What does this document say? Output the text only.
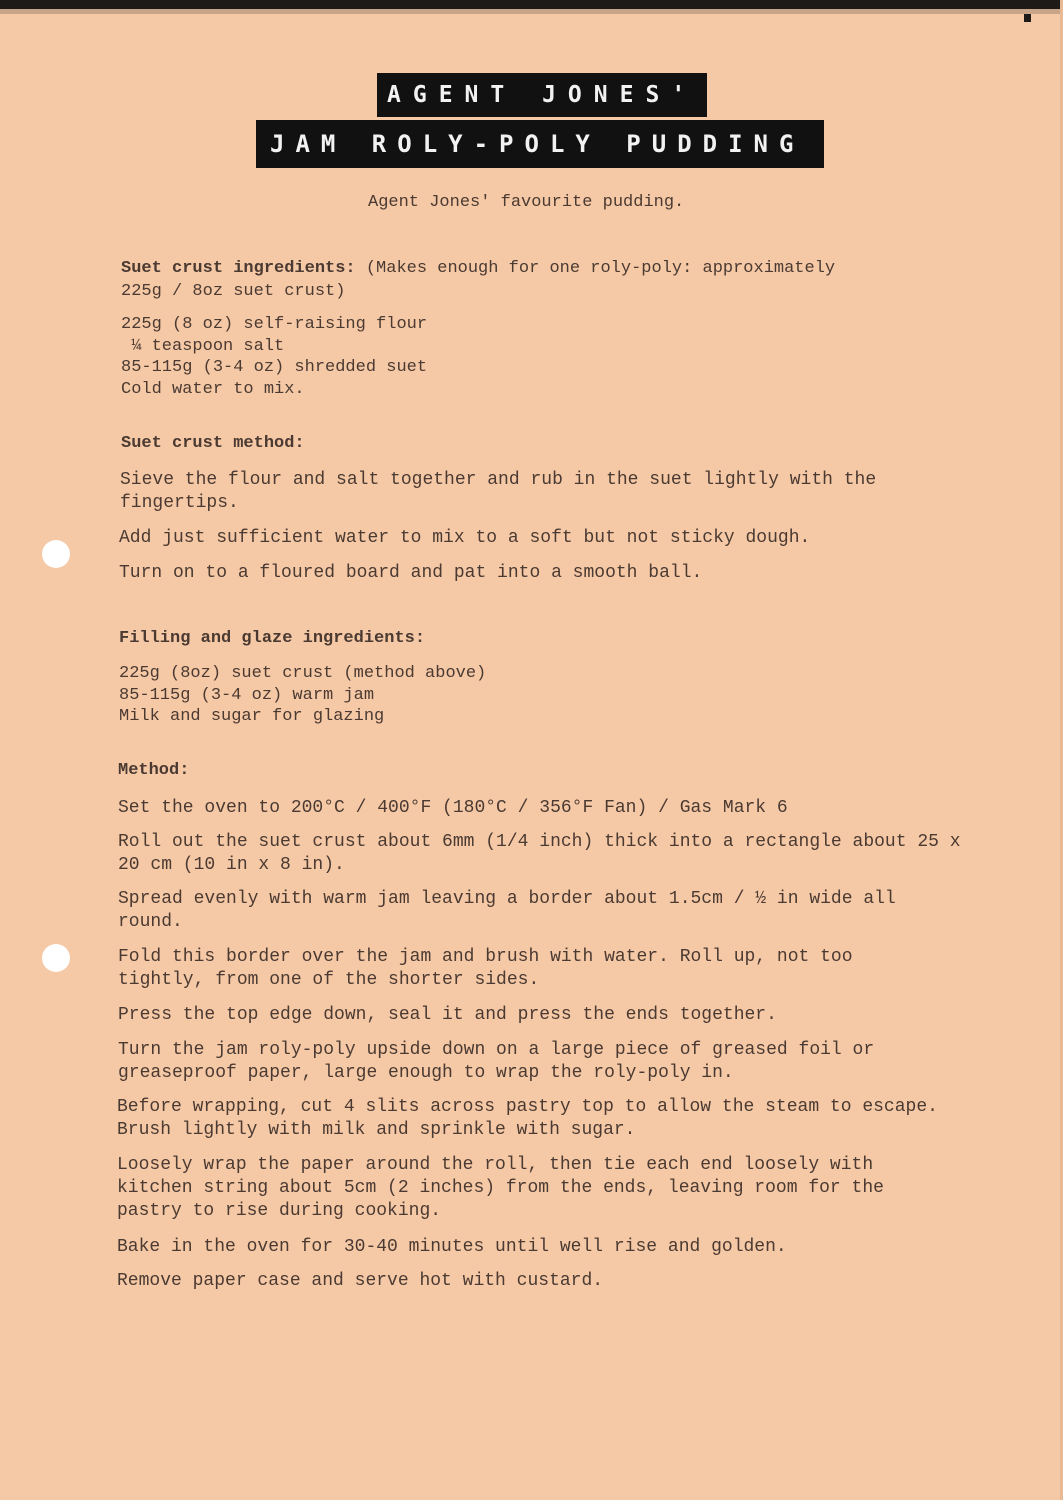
AGENT JONES'
JAM ROLY-POLY PUDDING
Agent Jones' favourite pudding.
Suet crust ingredients: (Makes enough for one roly-poly: approximately 225g / 8oz suet crust)
225g (8 oz) self-raising flour
¼ teaspoon salt
85-115g (3-4 oz) shredded suet
Cold water to mix.
Suet crust method:
Sieve the flour and salt together and rub in the suet lightly with the fingertips.
Add just sufficient water to mix to a soft but not sticky dough.
Turn on to a floured board and pat into a smooth ball.
Filling and glaze ingredients:
225g (8oz) suet crust (method above)
85-115g (3-4 oz) warm jam
Milk and sugar for glazing
Method:
Set the oven to 200°C / 400°F (180°C / 356°F Fan) / Gas Mark 6
Roll out the suet crust about 6mm (1/4 inch) thick into a rectangle about 25 x 20 cm (10 in x 8 in).
Spread evenly with warm jam leaving a border about 1.5cm / ½ in wide all round.
Fold this border over the jam and brush with water. Roll up, not too tightly, from one of the shorter sides.
Press the top edge down, seal it and press the ends together.
Turn the jam roly-poly upside down on a large piece of greased foil or greaseproof paper, large enough to wrap the roly-poly in.
Before wrapping, cut 4 slits across pastry top to allow the steam to escape. Brush lightly with milk and sprinkle with sugar.
Loosely wrap the paper around the roll, then tie each end loosely with kitchen string about 5cm (2 inches) from the ends, leaving room for the pastry to rise during cooking.
Bake in the oven for 30-40 minutes until well rise and golden.
Remove paper case and serve hot with custard.
